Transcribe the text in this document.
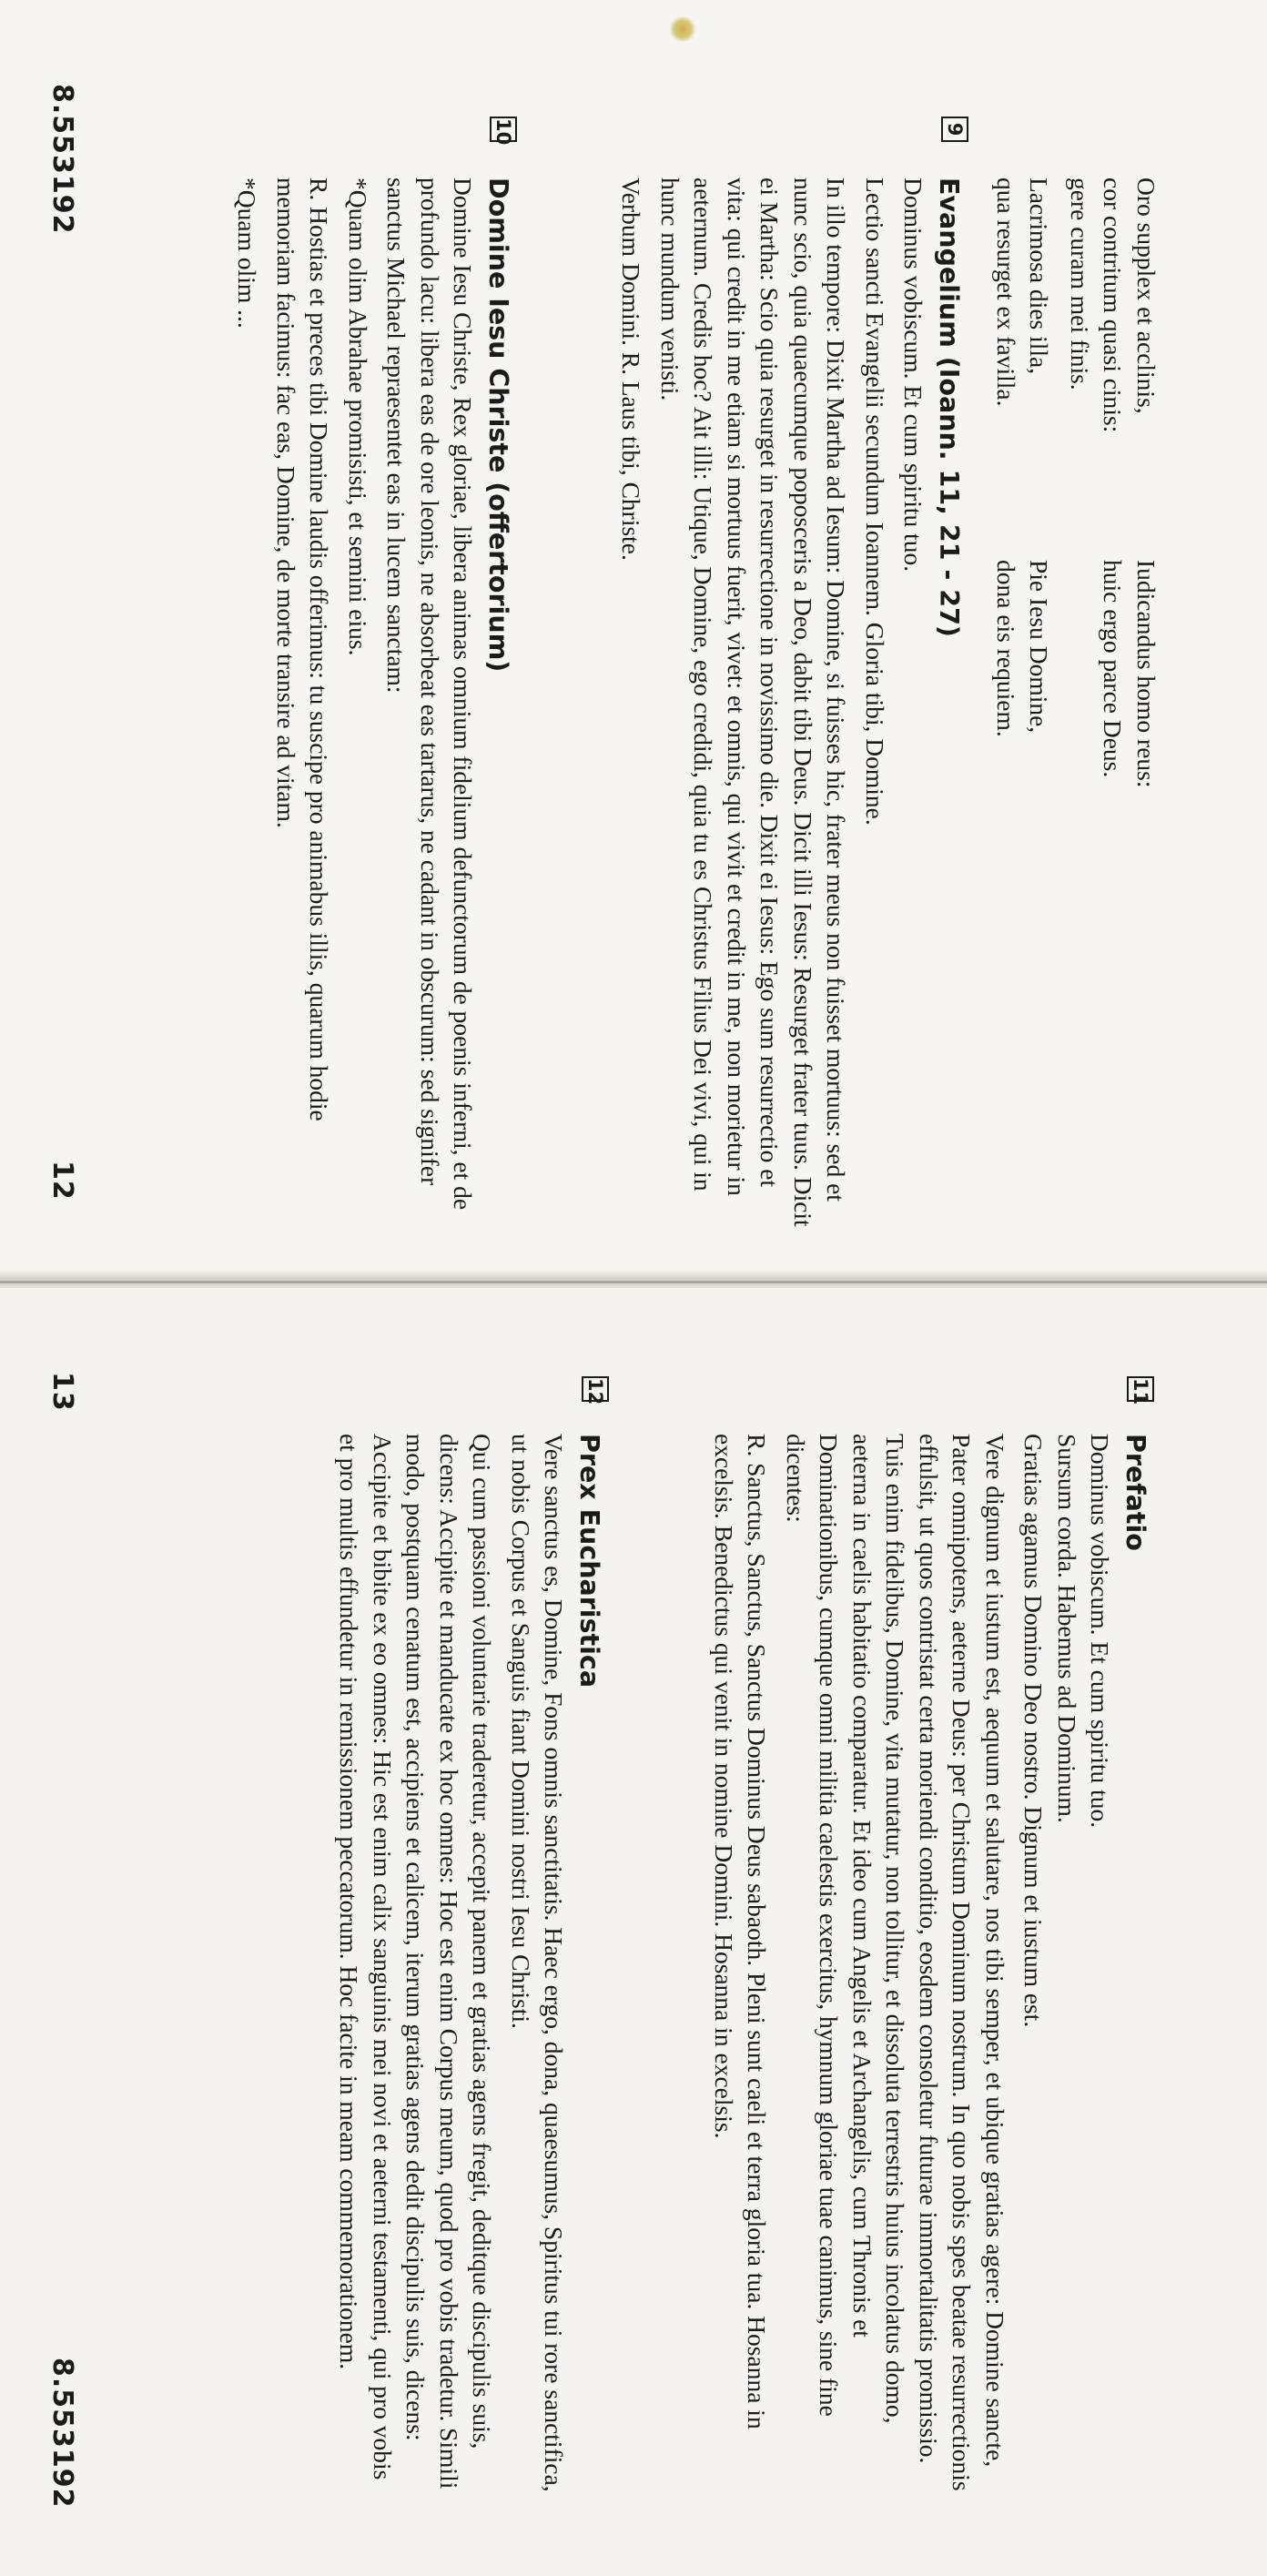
8.553192
12
Oro supplex et acclinis,
cor contritum quasi cinis:
gere curam mei finis.
Iudicandus homo reus:
huic ergo parce Deus.
Lacrimosa dies illa,
qua resurget ex favilla.
Pie Iesu Domine,
dona eis requiem.
9
Evangelium (Ioann. 11, 21 - 27)

Dominus vobiscum. Et cum spiritu tuo.

Lectio sancti Evangelii secundum Ioannem. Gloria tibi, Domine.

In illo tempore: Dixit Martha ad Iesum: Domine, si fuisses hic, frater meus non fuisset mortuus: sed et nunc scio, quia quaecumque poposceris a Deo, dabit tibi Deus. Dicit illi Iesus: Resurget frater tuus. Dicit ei Martha: Scio quia resurget in resurrectione in novissimo die. Dixit ei Iesus: Ego sum resurrectio et vita: qui credit in me etiam si mortuus fuerit, vivet: et omnis, qui vivit et credit in me, non morietur in aeternum. Credis hoc? Ait illi: Utique, Domine, ego credidi, quia tu es Christus Filius Dei vivi, qui in hunc mundum venisti.

Verbum Domini. R. Laus tibi, Christe.

10
Domine Iesu Christe (offertorium)

Domine Iesu Christe, Rex gloriae, libera animas omnium fidelium defunctorum de poenis inferni, et de profundo lacu: libera eas de ore leonis, ne absorbeat eas tartarus, ne cadant in obscurum: sed signifer sanctus Michael repraesentet eas in lucem sanctam:

*Quam olim Abrahae promisisti, et semini eius.

R. Hostias et preces tibi Domine laudis offerimus: tu suscipe pro animabus illis, quarum hodie memoriam facimus: fac eas, Domine, de morte transire ad vitam.

*Quam olim ...

13
8.553192
11
Prefatio
Dominus vobiscum. Et cum spiritu tuo.
Sursum corda. Habemus ad Dominum.

Gratias agamus Domino Deo nostro. Dignum et iustum est.

Vere dignum et iustum est, aequum et salutare, nos tibi semper, et ubique gratias agere: Domine sancte, Pater omnipotens, aeterne Deus: per Christum Dominum nostrum. In quo nobis spes beatae resurrectionis effulsit, ut quos contristat certa moriendi conditio, eosdem consoletur futurae immortalitatis promissio. Tuis enim fidelibus, Domine, vita mutatur, non tollitur, et dissoluta terrestris huius incolatus domo, aeterna in caelis habitatio comparatur. Et ideo cum Angelis et Archangelis, cum Thronis et Dominationibus, cumque omni militia caelestis exercitus, hymnum gloriae tuae canimus, sine fine dicentes:

R. Sanctus, Sanctus, Sanctus Dominus Deus sabaoth. Pleni sunt caeli et terra gloria tua. Hosanna in excelsis. Benedictus qui venit in nomine Domini. Hosanna in excelsis.

12
Prex Eucharistica

Vere sanctus es, Domine, Fons omnis sanctitatis. Haec ergo, dona, quaesumus, Spiritus tui rore sanctifica, ut nobis Corpus et Sanguis fiant Domini nostri Iesu Christi.

Qui cum passioni voluntarie traderetur, accepit panem et gratias agens fregit, deditque discipulis suis, dicens: Accipite et manducate ex hoc omnes: Hoc est enim Corpus meum, quod pro vobis tradetur. Simili modo, postquam cenatum est, accipiens et calicem, iterum gratias agens dedit discipulis suis, dicens: Accipite et bibite ex eo omnes: Hic est enim calix sanguinis mei novi et aeterni testamenti, qui pro vobis et pro multis effundetur in remissionem peccatorum. Hoc facite in meam commemorationem.
